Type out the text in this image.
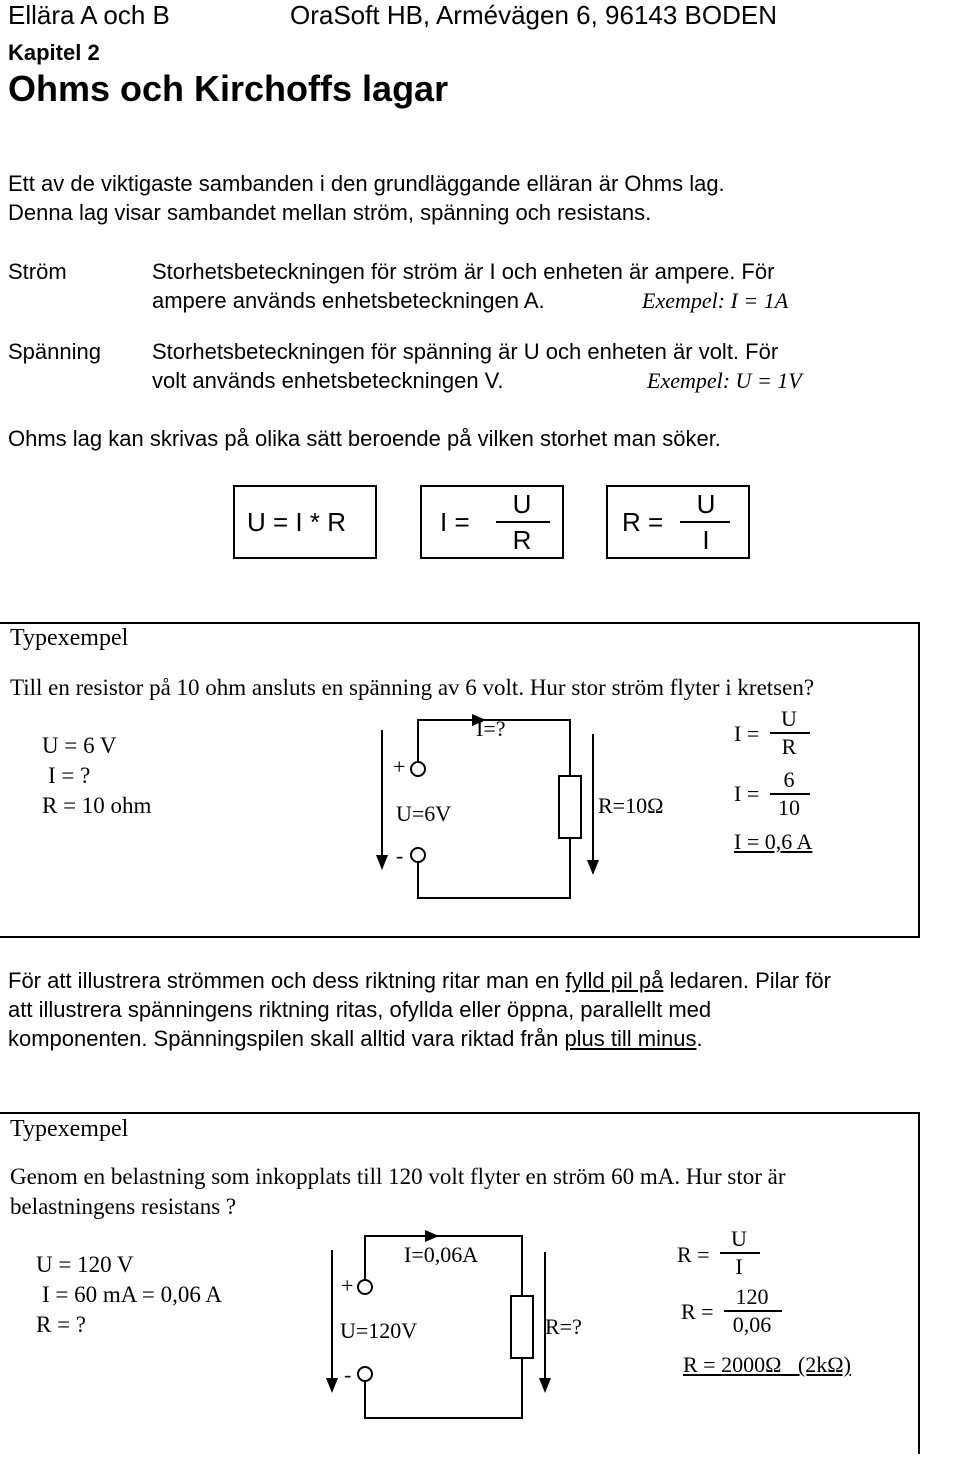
Ellära A och B	OraSoft HB, Armévägen 6, 96143 BODEN
Kapitel 2
Ohms och Kirchoffs lagar
Ett av de viktigaste sambanden i den grundläggande elläran är Ohms lag.
Denna lag visar sambandet mellan ström, spänning och resistans.
Ström	Storhetsbeteckningen för ström är I och enheten är ampere. För
ampere används enhetsbeteckningen A.	Exempel: I = 1A
Spänning Storhetsbeteckningen för spänning är U och enheten är volt. För
volt används enhetsbeteckningen V.	Exempel: U = 1V
Ohms lag kan skrivas på olika sätt beroende på vilken storhet man söker.
U = I * R	I =
U
R
R =
U
I
Typexempel
Till en resistor på 10 ohm ansluts en spänning av 6 volt. Hur stor ström flyter i kretsen?
U = 6 V
I = ?
R = 10 ohm
I=?
+
-
U=6V	R=10Ω
I =
U
R
I =
6
10
I = 0,6 A
För att illustrera strömmen och dess riktning ritar man en fylld pil på ledaren. Pilar för
att illustrera spänningens riktning ritas, ofyllda eller öppna, parallellt med
komponenten. Spänningspilen skall alltid vara riktad från plus till minus.
Typexempel
Genom en belastning som inkopplats till 120 volt flyter en ström 60 mA. Hur stor är
belastningens resistans ?
U = 120 V
I = 60 mA = 0,06 A
R = ?
I=0,06A
+
-
U=120V	R=?
R =
U
I
R =
120
0,06
R = 2000Ω   (2kΩ)
